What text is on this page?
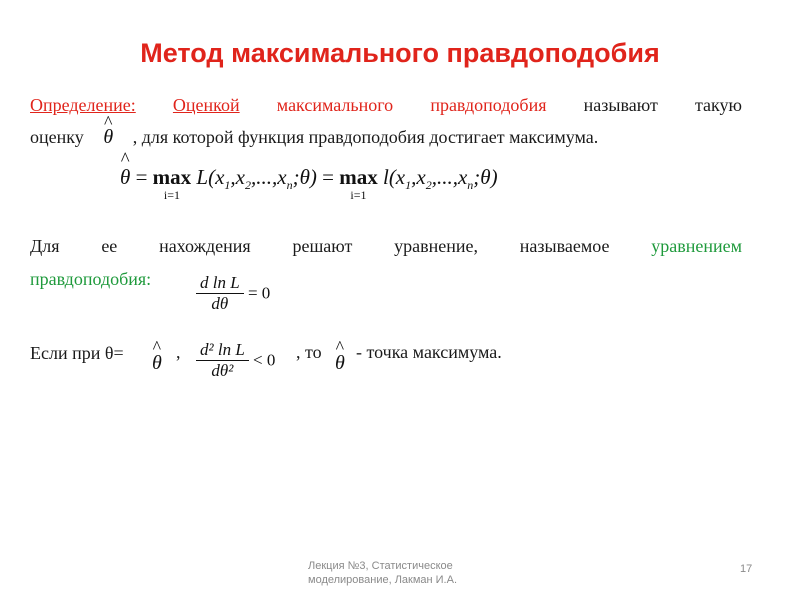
Метод максимального правдоподобия
Определение: Оценкой максимального правдоподобия называют такую
оценку ^ θ , для которой функция правдоподобия достигает максимума.
^ θ = max
i=1
$L(x_1,x_2,...,x_n;\theta) = \max$
i=1
$l(x_1,x_2,...,x_n;\theta)$
Для ее нахождения решают уравнение, называемое уравнением
правдоподобия:	$\frac{\text{d ln L}}{d\theta} = 0$
Если при θ=	^ θ , $\frac{\text{d² ln L}}{\text{dθ²}} < 0$ , то ^ θ - точка максимума.
Лекция №3, Статистическое моделирование, Лакман И.А.
17
